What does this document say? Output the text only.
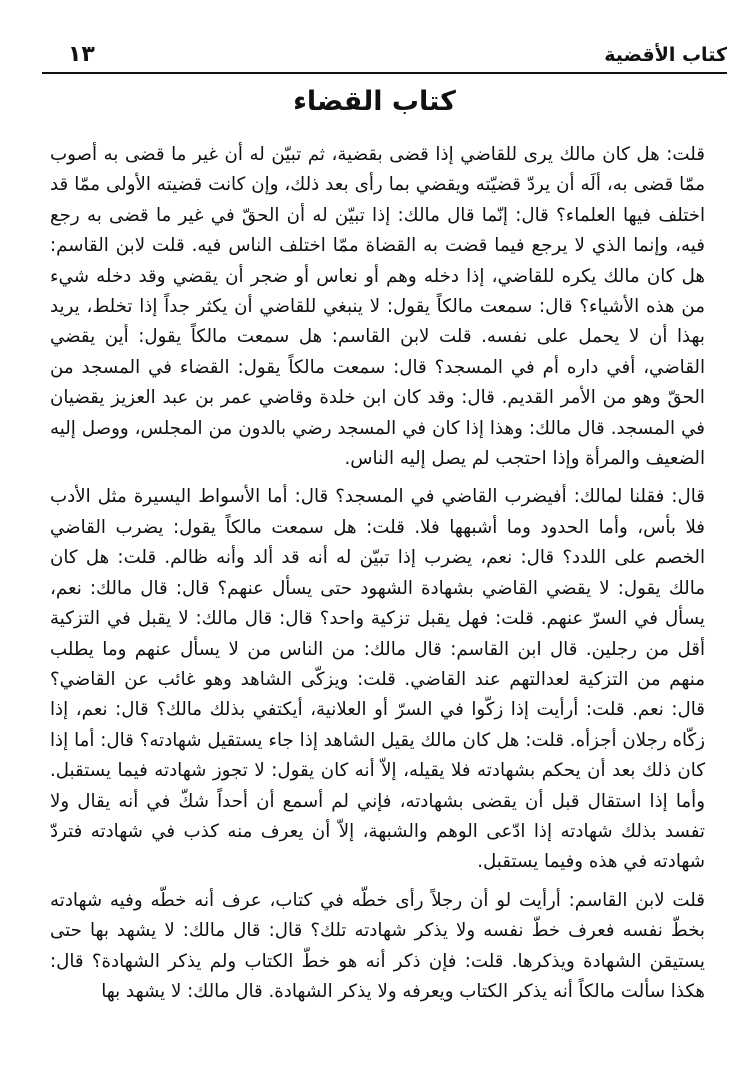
١٣	كتاب الأقضية
كتاب القضاء

قلت: هل كان مالك يرى للقاضي إذا قضى بقضية، ثم تبيّن له أن غير ما قضى به أصوب ممّا قضى به، ألَه أن يردّ قضيّته ويقضي بما رأى بعد ذلك، وإن كانت قضيته الأولى ممّا قد اختلف فيها العلماء؟ قال: إنّما قال مالك: إذا تبيّن له أن الحقّ في غير ما قضى به رجع فيه، وإنما الذي لا يرجع فيما قضت به القضاة ممّا اختلف الناس فيه. قلت لابن القاسم: هل كان مالك يكره للقاضي، إذا دخله وهم أو نعاس أو ضجر أن يقضي وقد دخله شيء من هذه الأشياء؟ قال: سمعت مالكاً يقول: لا ينبغي للقاضي أن يكثر جداً إذا تخلط، يريد بهذا أن لا يحمل على نفسه. قلت لابن القاسم: هل سمعت مالكاً يقول: أين يقضي القاضي، أفي داره أم في المسجد؟ قال: سمعت مالكاً يقول: القضاء في المسجد من الحقّ وهو من الأمر القديم. قال: وقد كان ابن خلدة وقاضي عمر بن عبد العزيز يقضيان في المسجد. قال مالك: وهذا إذا كان في المسجد رضي بالدون من المجلس، ووصل إليه الضعيف والمرأة وإذا احتجب لم يصل إليه الناس.

قال: فقلنا لمالك: أفيضرب القاضي في المسجد؟ قال: أما الأسواط اليسيرة مثل الأدب فلا بأس، وأما الحدود وما أشبهها فلا. قلت: هل سمعت مالكاً يقول: يضرب القاضي الخصم على اللدد؟ قال: نعم، يضرب إذا تبيّن له أنه قد ألد وأنه ظالم. قلت: هل كان مالك يقول: لا يقضي القاضي بشهادة الشهود حتى يسأل عنهم؟ قال: قال مالك: نعم، يسأل في السرّ عنهم. قلت: فهل يقبل تزكية واحد؟ قال: قال مالك: لا يقبل في التزكية أقل من رجلين. قال ابن القاسم: قال مالك: من الناس من لا يسأل عنهم وما يطلب منهم من التزكية لعدالتهم عند القاضي. قلت: ويزكّى الشاهد وهو غائب عن القاضي؟ قال: نعم. قلت: أرأيت إذا زكّوا في السرّ أو العلانية، أيكتفي بذلك مالك؟ قال: نعم، إذا زكّاه رجلان أجزأه. قلت: هل كان مالك يقيل الشاهد إذا جاء يستقيل شهادته؟ قال: أما إذا كان ذلك بعد أن يحكم بشهادته فلا يقيله، إلاّ أنه كان يقول: لا تجوز شهادته فيما يستقبل. وأما إذا استقال قبل أن يقضى بشهادته، فإني لم أسمع أن أحداً شكّ في أنه يقال ولا تفسد بذلك شهادته إذا ادّعى الوهم والشبهة، إلاّ أن يعرف منه كذب في شهادته فتردّ شهادته في هذه وفيما يستقبل.

قلت لابن القاسم: أرأيت لو أن رجلاً رأى خطّه في كتاب، عرف أنه خطّه وفيه شهادته بخطّ نفسه فعرف خطّ نفسه ولا يذكر شهادته تلك؟ قال: قال مالك: لا يشهد بها حتى يستيقن الشهادة ويذكرها. قلت: فإن ذكر أنه هو خطّ الكتاب ولم يذكر الشهادة؟ قال: هكذا سألت مالكاً أنه يذكر الكتاب ويعرفه ولا يذكر الشهادة. قال مالك: لا يشهد بها
